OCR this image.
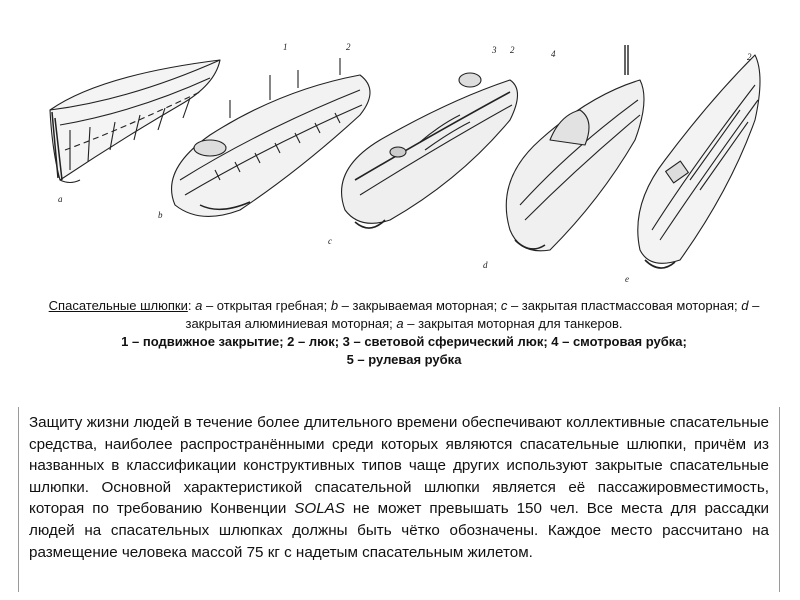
a
b
c
d
e
1	2	3 2	4	2
Спасательные шлюпки: а – открытая гребная; b – закрываемая моторная; с – закрытая пластмассовая моторная; d – закрытая алюминиевая моторная; а – закрытая моторная для танкеров.
1 – подвижное закрытие; 2 – люк; 3 – световой сферический люк; 4 – смотровая рубка;
5 – рулевая рубка
Защиту жизни людей в течение более длительного времени обеспечивают коллективные спасательные средства, наиболее распространёнными среди которых являются спасательные шлюпки, причём из названных в классификации конструктивных типов чаще других используют закрытые спасательные шлюпки. Основной характеристикой спасательной шлюпки является её пассажировместимость, которая по требованию Конвенции SOLAS не может превышать 150 чел. Все места для рассадки людей на спасательных шлюпках должны быть чётко обозначены. Каждое место рассчитано на размещение человека массой 75 кг с надетым спасательным жилетом.
